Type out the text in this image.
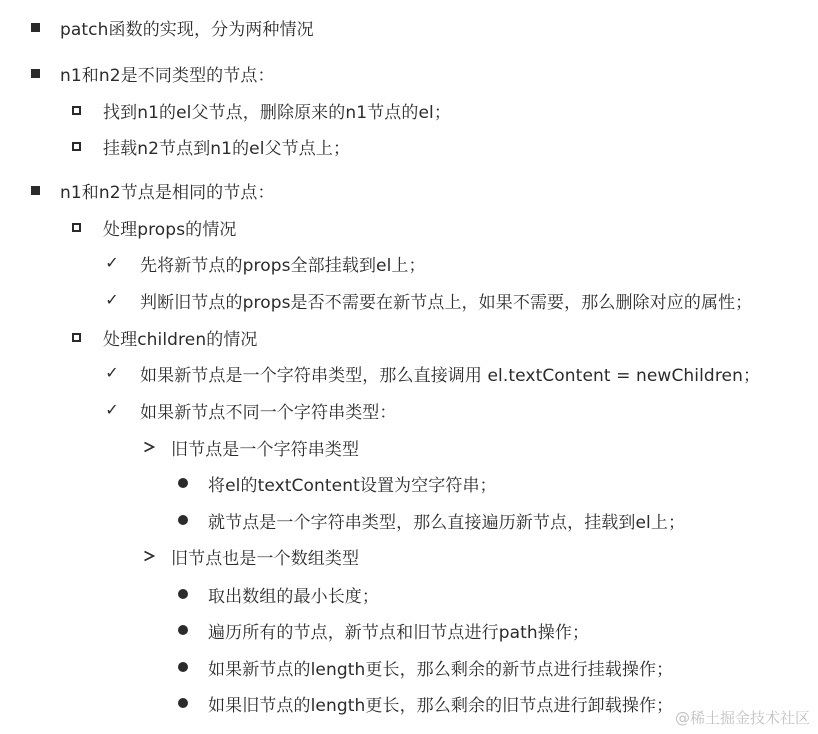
patch函数的实现，分为两种情况
n1和n2是不同类型的节点：
找到n1的el父节点，删除原来的n1节点的el；
挂载n2节点到n1的el父节点上；
n1和n2节点是相同的节点：
处理props的情况
✓ 先将新节点的props全部挂载到el上；
✓ 判断旧节点的props是否不需要在新节点上，如果不需要，那么删除对应的属性；
处理children的情况
✓ 如果新节点是一个字符串类型，那么直接调用 el.textContent = newChildren；
✓ 如果新节点不同一个字符串类型：
旧节点是一个字符串类型
将el的textContent设置为空字符串；
就节点是一个字符串类型，那么直接遍历新节点，挂载到el上；
旧节点也是一个数组类型
取出数组的最小长度；
遍历所有的节点，新节点和旧节点进行path操作；
如果新节点的length更长，那么剩余的新节点进行挂载操作；
如果旧节点的length更长，那么剩余的旧节点进行卸载操作；
@稀土掘金技术社区
